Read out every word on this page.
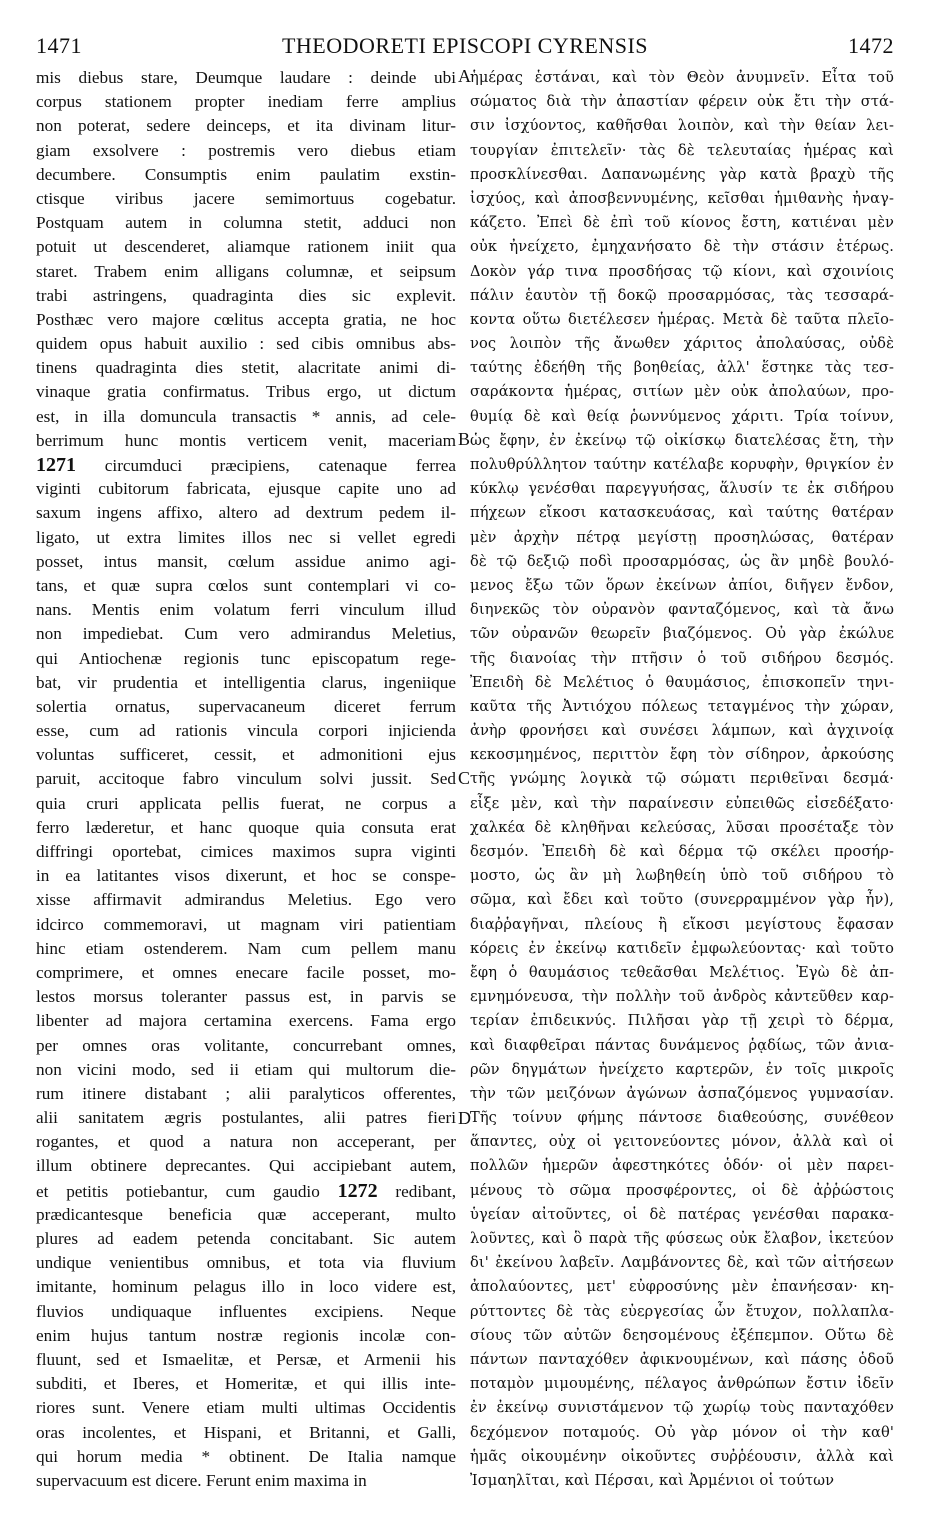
1471	THEODORETI EPISCOPI CYRENSIS	1472
mis diebus stare, Deumque laudare : deinde ubi
corpus stationem propter inediam ferre amplius
non poterat, sedere deinceps, et ita divinam litur-
giam exsolvere : postremis vero diebus etiam
decumbere. Consumptis enim paulatim exstin-
ctisque viribus jacere semimortuus cogebatur.
Postquam autem in columna stetit, adduci non
potuit ut descenderet, aliamque rationem iniit qua
staret. Trabem enim alligans columnæ, et seipsum
trabi astringens, quadraginta dies sic explevit.
Posthæc vero majore cœlitus accepta gratia, ne hoc
quidem opus habuit auxilio : sed cibis omnibus abs-
tinens quadraginta dies stetit, alacritate animi di-
vinaque gratia confirmatus. Tribus ergo, ut dictum
est, in illa domuncula transactis * annis, ad cele-
berrimum hunc montis verticem venit, maceriam
1271 circumduci præcipiens, catenaque ferrea
viginti cubitorum fabricata, ejusque capite uno ad
saxum ingens affixo, altero ad dextrum pedem il-
ligato, ut extra limites illos nec si vellet egredi
posset, intus mansit, cœlum assidue animo agi-
tans, et quæ supra cœlos sunt contemplari vi co-
nans. Mentis enim volatum ferri vinculum illud
non impediebat. Cum vero admirandus Meletius,
qui Antiochenæ regionis tunc episcopatum rege-
bat, vir prudentia et intelligentia clarus, ingeniique
solertia ornatus, supervacaneum diceret ferrum
esse, cum ad rationis vincula corpori injicienda
voluntas sufficeret, cessit, et admonitioni ejus
paruit, accitoque fabro vinculum solvi jussit. Sed
quia cruri applicata pellis fuerat, ne corpus a
ferro læderetur, et hanc quoque quia consuta erat
diffringi oportebat, cimices maximos supra viginti
in ea latitantes visos dixerunt, et hoc se conspe-
xisse affirmavit admirandus Meletius. Ego vero
idcirco commemoravi, ut magnam viri patientiam
hinc etiam ostenderem. Nam cum pellem manu
comprimere, et omnes enecare facile posset, mo-
lestos morsus toleranter passus est, in parvis se
libenter ad majora certamina exercens. Fama ergo
per omnes oras volitante, concurrebant omnes,
non vicini modo, sed ii etiam qui multorum die-
rum itinere distabant ; alii paralyticos offerentes,
alii sanitatem ægris postulantes, alii patres fieri
rogantes, et quod a natura non acceperant, per
illum obtinere deprecantes. Qui accipiebant autem,
et petitis potiebantur, cum gaudio 1272 redibant,
prædicantesque beneficia quæ acceperant, multo
plures ad eadem petenda concitabant. Sic autem
undique venientibus omnibus, et tota via fluvium
imitante, hominum pelagus illo in loco videre est,
fluvios undiquaque influentes excipiens. Neque
enim hujus tantum nostræ regionis incolæ con-
fluunt, sed et Ismaelitæ, et Persæ, et Armenii his
subditi, et Iberes, et Homeritæ, et qui illis inte-
riores sunt. Venere etiam multi ultimas Occidentis
oras incolentes, et Hispani, et Britanni, et Galli,
qui horum media * obtinent. De Italia namque
supervacuum est dicere. Ferunt enim maxima in
ἡμέρας ἑστάναι, καὶ τὸν Θεὸν ἀνυμνεῖν. Εἶτα τοῦ
σώματος διὰ τὴν ἀπαστίαν φέρειν οὐκ ἔτι τὴν στά-
σιν ἰσχύοντος, καθῆσθαι λοιπὸν, καὶ τὴν θείαν λει-
τουργίαν ἐπιτελεῖν· τὰς δὲ τελευταίας ἡμέρας καὶ
προσκλίνεσθαι. Δαπανωμένης γὰρ κατὰ βραχὺ τῆς
ἰσχύος, καὶ ἀποσβεννυμένης, κεῖσθαι ἡμιθανὴς ἠναγ-
κάζετο. Ἐπεὶ δὲ ἐπὶ τοῦ κίονος ἔστη, κατιέναι μὲν
οὐκ ἠνείχετο, ἐμηχανήσατο δὲ τὴν στάσιν ἑτέρως.
Δοκὸν γάρ τινα προσδήσας τῷ κίονι, καὶ σχοινίοις
πάλιν ἑαυτὸν τῇ δοκῷ προσαρμόσας, τὰς τεσσαρά-
κοντα οὕτω διετέλεσεν ἡμέρας. Μετὰ δὲ ταῦτα πλεῖο-
νος λοιπὸν τῆς ἄνωθεν χάριτος ἀπολαύσας, οὐδὲ
ταύτης ἐδεήθη τῆς βοηθείας, ἀλλ' ἕστηκε τὰς τεσ-
σαράκοντα ἡμέρας, σιτίων μὲν οὐκ ἀπολαύων, προ-
θυμίᾳ δὲ καὶ θείᾳ ῥωννύμενος χάριτι. Τρία τοίνυν,
ὡς ἔφην, ἐν ἐκείνῳ τῷ οἰκίσκῳ διατελέσας ἔτη, τὴν
πολυθρύλλητον ταύτην κατέλαβε κορυφὴν, θριγκίον ἐν
κύκλῳ γενέσθαι παρεγγυήσας, ἅλυσίν τε ἐκ σιδήρου
πήχεων εἴκοσι κατασκευάσας, καὶ ταύτης θατέραν
μὲν ἀρχὴν πέτρᾳ μεγίστῃ προσηλώσας, θατέραν
δὲ τῷ δεξιῷ ποδὶ προσαρμόσας, ὡς ἂν μηδὲ βουλό-
μενος ἔξω τῶν ὅρων ἐκείνων ἀπίοι, διῆγεν ἔνδον,
διηνεκῶς τὸν οὐρανὸν φανταζόμενος, καὶ τὰ ἄνω
τῶν οὐρανῶν θεωρεῖν βιαζόμενος. Οὐ γὰρ ἐκώλυε
τῆς διανοίας τὴν πτῆσιν ὁ τοῦ σιδήρου δεσμός.
Ἐπειδὴ δὲ Μελέτιος ὁ θαυμάσιος, ἐπισκοπεῖν τηνι-
καῦτα τῆς Ἀντιόχου πόλεως τεταγμένος τὴν χώραν,
ἀνὴρ φρονήσει καὶ συνέσει λάμπων, καὶ ἀγχινοίᾳ
κεκοσμημένος, περιττὸν ἔφη τὸν σίδηρον, ἀρκούσης
τῆς γνώμης λογικὰ τῷ σώματι περιθεῖναι δεσμά·
εἶξε μὲν, καὶ τὴν παραίνεσιν εὐπειθῶς εἰσεδέξατο·
χαλκέα δὲ κληθῆναι κελεύσας, λῦσαι προσέταξε τὸν
δεσμόν. Ἐπειδὴ δὲ καὶ δέρμα τῷ σκέλει προσήρ-
μοστο, ὡς ἂν μὴ λωβηθείη ὑπὸ τοῦ σιδήρου τὸ
σῶμα, καὶ ἔδει καὶ τοῦτο (συνερραμμένον γὰρ ἦν),
διαῤῥαγῆναι, πλείους ἢ εἴκοσι μεγίστους ἔφασαν
κόρεις ἐν ἐκείνῳ κατιδεῖν ἐμφωλεύοντας· καὶ τοῦτο
ἔφη ὁ θαυμάσιος τεθεᾶσθαι Μελέτιος. Ἐγὼ δὲ ἀπ-
εμνημόνευσα, τὴν πολλὴν τοῦ ἀνδρὸς κἀντεῦθεν καρ-
τερίαν ἐπιδεικνύς. Πιλῆσαι γὰρ τῇ χειρὶ τὸ δέρμα,
καὶ διαφθεῖραι πάντας δυνάμενος ῥᾳδίως, τῶν ἀνια-
ρῶν δηγμάτων ἠνείχετο καρτερῶν, ἐν τοῖς μικροῖς
τὴν τῶν μειζόνων ἀγώνων ἀσπαζόμενος γυμνασίαν.
Τῆς τοίνυν φήμης πάντοσε διαθεούσης, συνέθεον
ἅπαντες, οὐχ οἱ γειτονεύοντες μόνον, ἀλλὰ καὶ οἱ
πολλῶν ἡμερῶν ἀφεστηκότες ὁδόν· οἱ μὲν παρει-
μένους τὸ σῶμα προσφέροντες, οἱ δὲ ἀῤῥώστοις
ὑγείαν αἰτοῦντες, οἱ δὲ πατέρας γενέσθαι παρακα-
λοῦντες, καὶ ὃ παρὰ τῆς φύσεως οὐκ ἔλαβον, ἱκετεύον
δι' ἐκείνου λαβεῖν. Λαμβάνοντες δὲ, καὶ τῶν αἰτήσεων
ἀπολαύοντες, μετ' εὐφροσύνης μὲν ἐπανήεσαν· κη-
ρύττοντες δὲ τὰς εὐεργεσίας ὧν ἔτυχον, πολλαπλα-
σίους τῶν αὐτῶν δεησομένους ἐξέπεμπον. Οὕτω δὲ
πάντων πανταχόθεν ἀφικνουμένων, καὶ πάσης ὁδοῦ
ποταμὸν μιμουμένης, πέλαγος ἀνθρώπων ἔστιν ἰδεῖν
ἐν ἐκείνῳ συνιστάμενον τῷ χωρίῳ τοὺς πανταχόθεν
δεχόμενον ποταμούς. Οὐ γὰρ μόνον οἱ τὴν καθ'
ἡμᾶς οἰκουμένην οἰκοῦντες συῤῥέουσιν, ἀλλὰ καὶ
Ἰσμαηλῖται, καὶ Πέρσαι, καὶ Ἀρμένιοι οἱ τούτων
A
B
C
D
